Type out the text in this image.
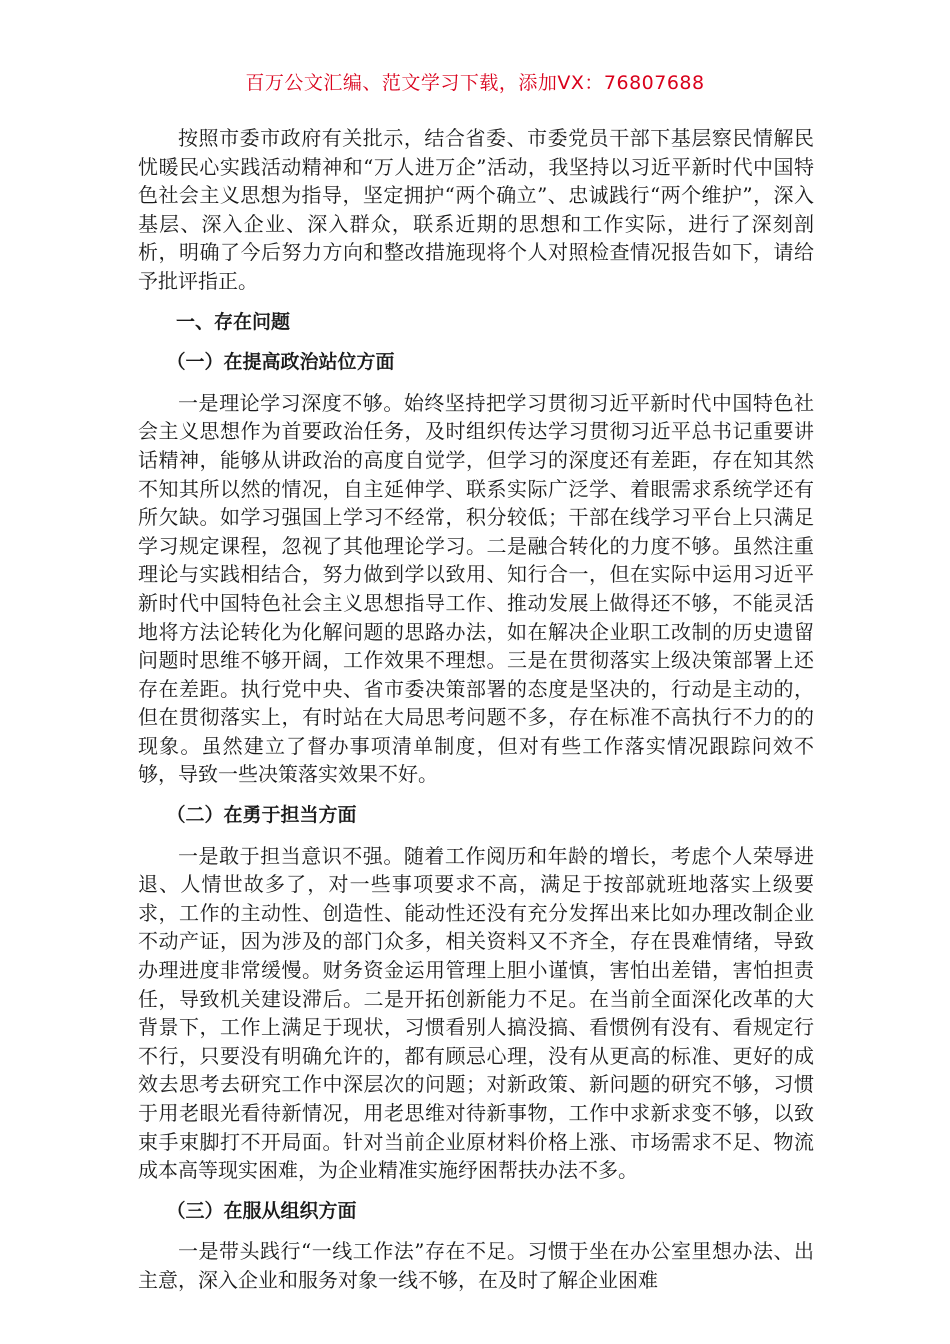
百万公文汇编、范文学习下载，添加VX：76807688

按照市委市政府有关批示，结合省委、市委党员干部下基层察民情解民忧暖民心实践活动精神和“万人进万企”活动，我坚持以习近平新时代中国特色社会主义思想为指导，坚定拥护“两个确立”、忠诚践行“两个维护”，深入基层、深入企业、深入群众，联系近期的思想和工作实际，进行了深刻剖析，明确了今后努力方向和整改措施现将个人对照检查情况报告如下，请给予批评指正。

一、存在问题

（一）在提高政治站位方面

一是理论学习深度不够。始终坚持把学习贯彻习近平新时代中国特色社会主义思想作为首要政治任务，及时组织传达学习贯彻习近平总书记重要讲话精神，能够从讲政治的高度自觉学，但学习的深度还有差距，存在知其然不知其所以然的情况，自主延伸学、联系实际广泛学、着眼需求系统学还有所欠缺。如学习强国上学习不经常，积分较低；干部在线学习平台上只满足学习规定课程，忽视了其他理论学习。二是融合转化的力度不够。虽然注重理论与实践相结合，努力做到学以致用、知行合一，但在实际中运用习近平新时代中国特色社会主义思想指导工作、推动发展上做得还不够，不能灵活地将方法论转化为化解问题的思路办法，如在解决企业职工改制的历史遗留问题时思维不够开阔，工作效果不理想。三是在贯彻落实上级决策部署上还存在差距。执行党中央、省市委决策部署的态度是坚决的，行动是主动的，但在贯彻落实上，有时站在大局思考问题不多，存在标准不高执行不力的的现象。虽然建立了督办事项清单制度，但对有些工作落实情况跟踪问效不够，导致一些决策落实效果不好。

（二）在勇于担当方面

一是敢于担当意识不强。随着工作阅历和年龄的增长，考虑个人荣辱进退、人情世故多了，对一些事项要求不高，满足于按部就班地落实上级要求，工作的主动性、创造性、能动性还没有充分发挥出来比如办理改制企业不动产证，因为涉及的部门众多，相关资料又不齐全，存在畏难情绪，导致办理进度非常缓慢。财务资金运用管理上胆小谨慎，害怕出差错，害怕担责任，导致机关建设滞后。二是开拓创新能力不足。在当前全面深化改革的大背景下，工作上满足于现状，习惯看别人搞没搞、看惯例有没有、看规定行不行，只要没有明确允许的，都有顾忌心理，没有从更高的标准、更好的成效去思考去研究工作中深层次的问题；对新政策、新问题的研究不够，习惯于用老眼光看待新情况，用老思维对待新事物，工作中求新求变不够，以致束手束脚打不开局面。针对当前企业原材料价格上涨、市场需求不足、物流成本高等现实困难，为企业精准实施纾困帮扶办法不多。

（三）在服从组织方面

一是带头践行“一线工作法”存在不足。习惯于坐在办公室里想办法、出主意，深入企业和服务对象一线不够，在及时了解企业困难
